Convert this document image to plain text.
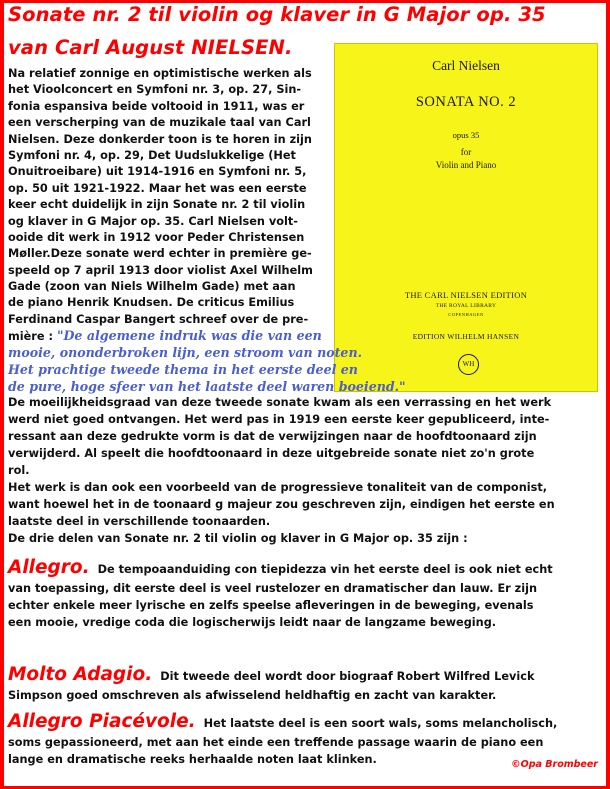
Sonate nr. 2 til violin og klaver in G Major op. 35
van Carl August NIELSEN.
Carl Nielsen
SONATA NO. 2
opus 35
for
Violin and Piano
THE CARL NIELSEN EDITION
THE ROYAL LIBRARY
COPENHAGEN
EDITION WILHELM HANSEN
WH
Na relatief zonnige en optimistische werken als
het Vioolconcert en Symfoni nr. 3, op. 27, Sin-
fonia espansiva beide voltooid in 1911, was er
een verscherping van de muzikale taal van Carl
Nielsen. Deze donkerder toon is te horen in zijn
Symfoni nr. 4, op. 29, Det Uudslukkelige (Het
Onuitroeibare) uit 1914-1916 en Symfoni nr. 5,
op. 50 uit 1921-1922. Maar het was een eerste
keer echt duidelijk in zijn Sonate nr. 2 til violin
og klaver in G Major op. 35. Carl Nielsen volt-
ooide dit werk in 1912 voor Peder Christensen
Møller.Deze sonate werd echter in première ge-
speeld op 7 april 1913 door violist Axel Wilhelm
Gade (zoon van Niels Wilhelm Gade) met aan
de piano Henrik Knudsen. De criticus Emilius
Ferdinand Caspar Bangert schreef over de pre-
mière : "De algemene indruk was die van een
mooie, ononderbroken lijn, een stroom van noten.
Het prachtige tweede thema in het eerste deel en
de pure, hoge sfeer van het laatste deel waren boeiend."
De moeilijkheidsgraad van deze tweede sonate kwam als een verrassing en het werk
werd niet goed ontvangen. Het werd pas in 1919 een eerste keer gepubliceerd, inte-
ressant aan deze gedrukte vorm is dat de verwijzingen naar de hoofdtoonaard zijn
verwijderd. Al speelt die hoofdtoonaard in deze uitgebreide sonate niet zo'n grote
rol.
Het werk is dan ook een voorbeeld van de progressieve tonaliteit van de componist,
want hoewel het in de toonaard g majeur zou geschreven zijn, eindigen het eerste en
laatste deel in verschillende toonaarden.
De drie delen van Sonate nr. 2 til violin og klaver in G Major op. 35 zijn :
Allegro. De tempoaanduiding con tiepidezza vin het eerste deel is ook niet echt
van toepassing, dit eerste deel is veel rustelozer en dramatischer dan lauw. Er zijn
echter enkele meer lyrische en zelfs speelse afleveringen in de beweging, evenals
een mooie, vredige coda die logischerwijs leidt naar de langzame beweging.
Molto Adagio. Dit tweede deel wordt door biograaf Robert Wilfred Levick
Simpson goed omschreven als afwisselend heldhaftig en zacht van karakter.
Allegro Piacévole. Het laatste deel is een soort wals, soms melancholisch,
soms gepassioneerd, met aan het einde een treffende passage waarin de piano een
lange en dramatische reeks herhaalde noten laat klinken.	©Opa Brombeer
